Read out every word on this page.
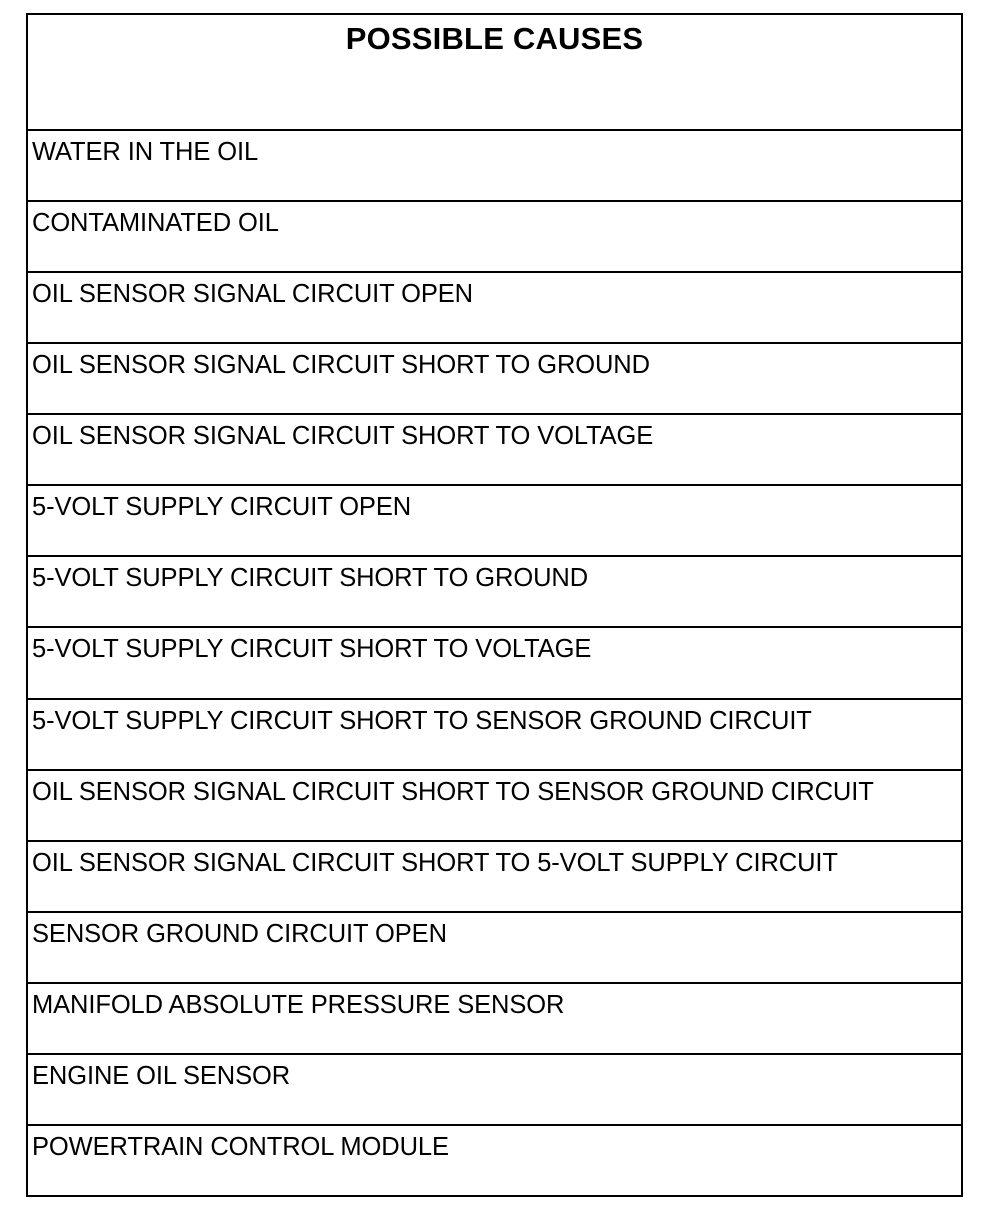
POSSIBLE CAUSES
WATER IN THE OIL
CONTAMINATED OIL
OIL SENSOR SIGNAL CIRCUIT OPEN
OIL SENSOR SIGNAL CIRCUIT SHORT TO GROUND
OIL SENSOR SIGNAL CIRCUIT SHORT TO VOLTAGE
5-VOLT SUPPLY CIRCUIT OPEN
5-VOLT SUPPLY CIRCUIT SHORT TO GROUND
5-VOLT SUPPLY CIRCUIT SHORT TO VOLTAGE
5-VOLT SUPPLY CIRCUIT SHORT TO SENSOR GROUND CIRCUIT
OIL SENSOR SIGNAL CIRCUIT SHORT TO SENSOR GROUND CIRCUIT
OIL SENSOR SIGNAL CIRCUIT SHORT TO 5-VOLT SUPPLY CIRCUIT
SENSOR GROUND CIRCUIT OPEN
MANIFOLD ABSOLUTE PRESSURE SENSOR
ENGINE OIL SENSOR
POWERTRAIN CONTROL MODULE
